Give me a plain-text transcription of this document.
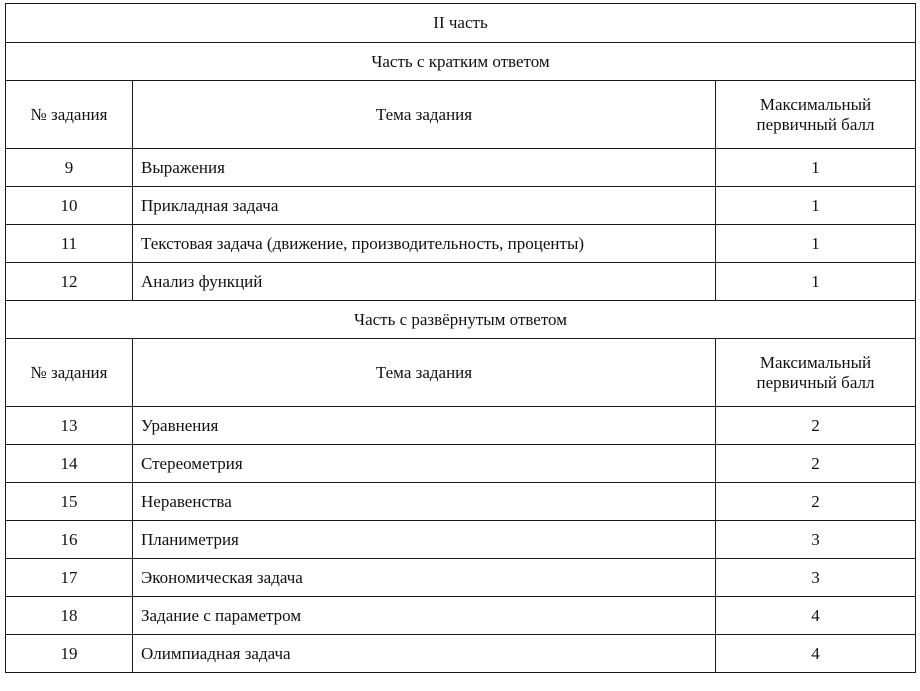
II часть		
Часть с кратким ответом		
№ задания	Тема задания	Максимальный
первичный балл
9	Выражения	1
10	Прикладная задача	1
11	Текстовая задача (движение, производительность, проценты)	1
12	Анализ функций	1
Часть с развёрнутым ответом		
№ задания	Тема задания	Максимальный
первичный балл
13	Уравнения	2
14	Стереометрия	2
15	Неравенства	2
16	Планиметрия	3
17	Экономическая задача	3
18	Задание с параметром	4
19	Олимпиадная задача	4
